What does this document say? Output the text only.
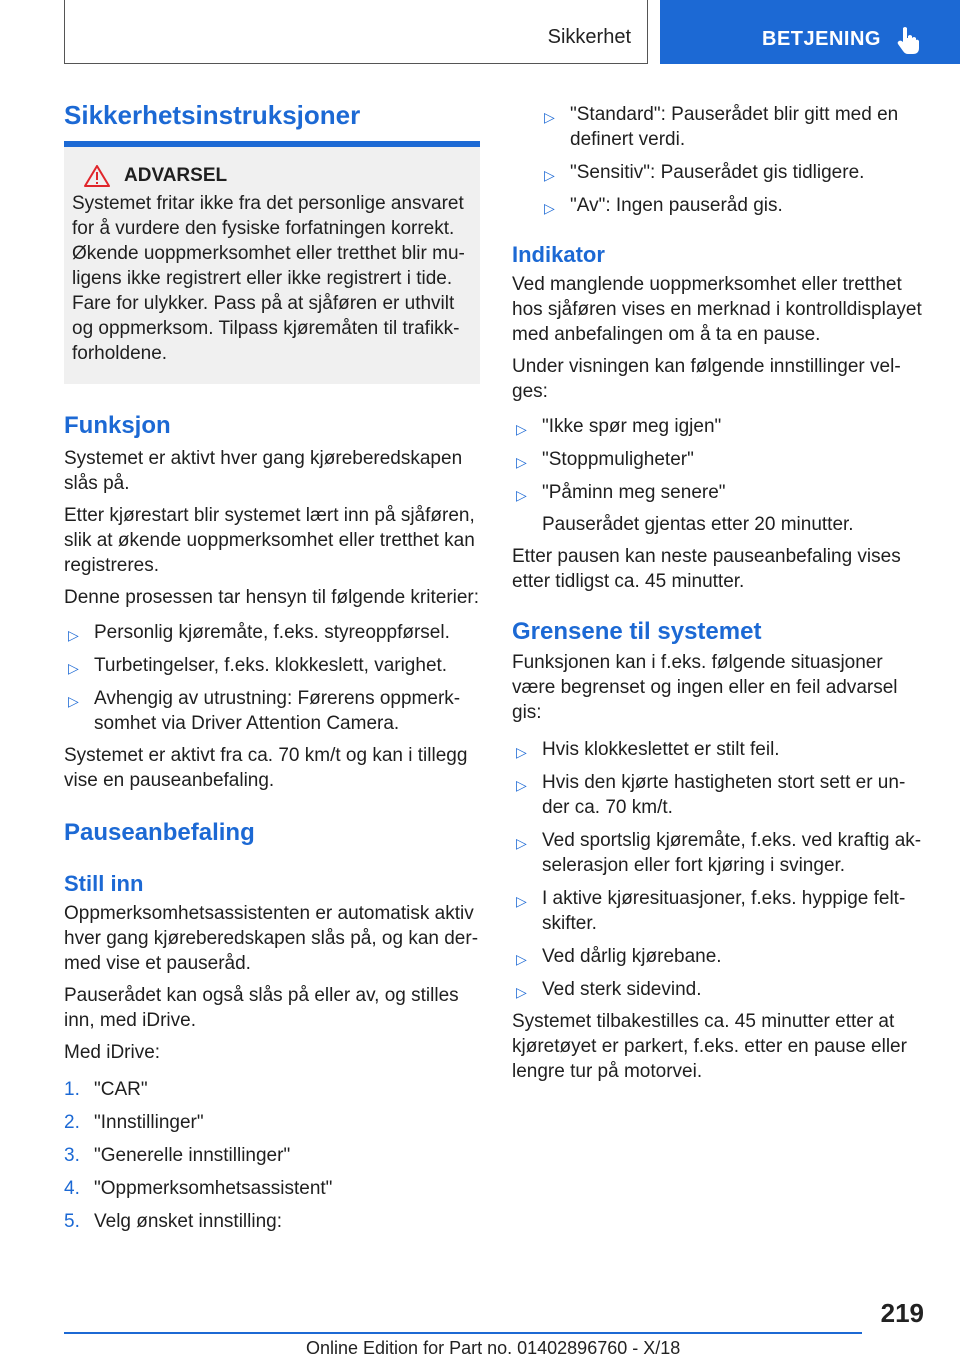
Sikkerhet	BETJENING
Sikkerhetsinstruksjoner
ADVARSEL

Systemet fritar ikke fra det personlige ansvaret for å vurdere den fysiske forfatningen korrekt. Økende uoppmerksomhet eller tretthet blir mu-ligens ikke registrert eller ikke registrert i tide. Fare for ulykker. Pass på at sjåføren er uthvilt og oppmerksom. Tilpass kjøremåten til trafikk-forholdene.

Funksjon

Systemet er aktivt hver gang kjøreberedskapen slås på.

Etter kjørestart blir systemet lært inn på sjåføren, slik at økende uoppmerksomhet eller tretthet kan registreres.

Denne prosessen tar hensyn til følgende kriterier:

▷ Personlig kjøremåte, f.eks. styreoppførsel.
▷ Turbetingelser, f.eks. klokkeslett, varighet.
▷ Avhengig av utrustning: Førerens oppmerk-somhet via Driver Attention Camera.

Systemet er aktivt fra ca. 70 km/t og kan i tillegg vise en pauseanbefaling.

Pauseanbefaling
Still inn

Oppmerksomhetsassistenten er automatisk aktiv hver gang kjøreberedskapen slås på, og kan der-med vise et pauseråd.

Pauserådet kan også slås på eller av, og stilles inn, med iDrive.

Med iDrive:

1. "CAR"
2. "Innstillinger"
3. "Generelle innstillinger"
4. "Oppmerksomhetsassistent"
5. Velg ønsket innstilling:
▷ "Standard": Pauserådet blir gitt med en definert verdi.
▷ "Sensitiv": Pauserådet gis tidligere.
▷ "Av": Ingen pauseråd gis.
Indikator

Ved manglende uoppmerksomhet eller tretthet hos sjåføren vises en merknad i kontrolldisplayet med anbefalingen om å ta en pause.

Under visningen kan følgende innstillinger vel-ges:

▷ "Ikke spør meg igjen"
▷ "Stoppmuligheter"
▷ "Påminn meg senere"

Pauserådet gjentas etter 20 minutter.

Etter pausen kan neste pauseanbefaling vises etter tidligst ca. 45 minutter.

Grensene til systemet

Funksjonen kan i f.eks. følgende situasjoner være begrenset og ingen eller en feil advarsel gis:

▷ Hvis klokkeslettet er stilt feil.
▷ Hvis den kjørte hastigheten stort sett er un-der ca. 70 km/t.
▷ Ved sportslig kjøremåte, f.eks. ved kraftig ak-selerasjon eller fort kjøring i svinger.
▷ I aktive kjøresituasjoner, f.eks. hyppige felt-skifter.
▷ Ved dårlig kjørebane.
▷ Ved sterk sidevind.

Systemet tilbakestilles ca. 45 minutter etter at kjøretøyet er parkert, f.eks. etter en pause eller lengre tur på motorvei.

219
Online Edition for Part no. 01402896760 - X/18
